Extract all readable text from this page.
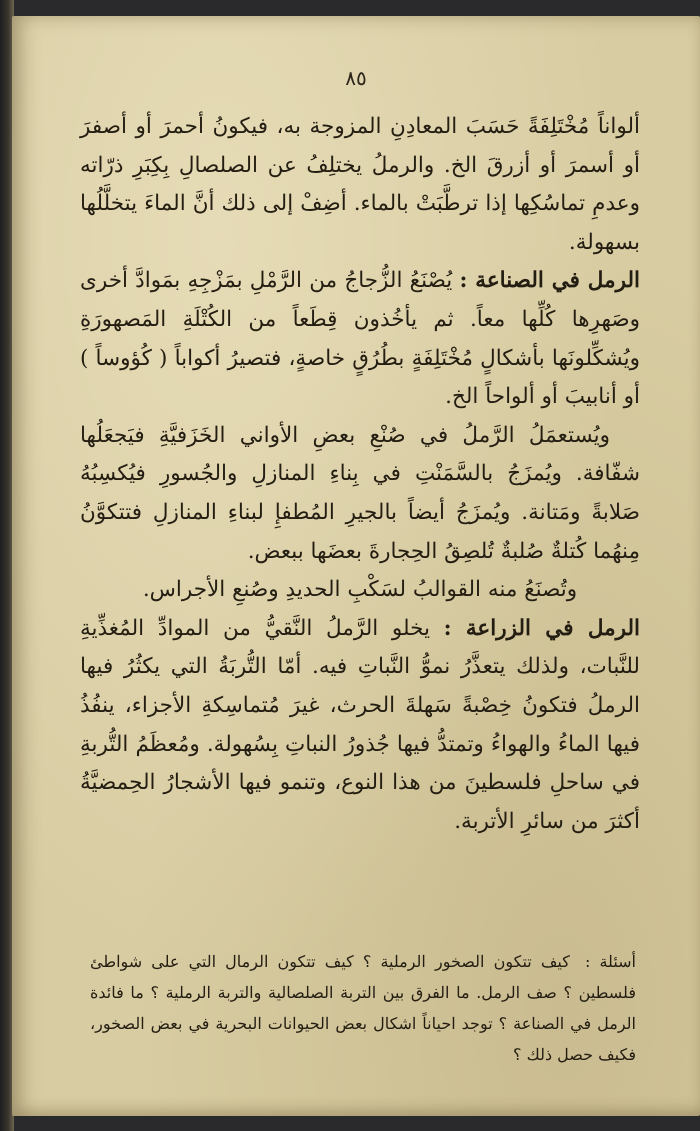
٨٥

ألواناً مُخْتَلِفَةً حَسَبَ المعادِنِ المزوجة به، فيكونُ أحمرَ أو أصفرَ أو أسمرَ أو أزرقَ الخ. والرملُ يختلِفُ عن الصلصالِ بِكِبَرِ ذرّاته وعدمِ تماسُكِها إذا ترطَّبَتْ بالماء. أضِفْ إلى ذلك أنَّ الماءَ يتخلَّلُها بسهولة.

الرمل في الصناعة : يُصْنَعُ الزُّجاجُ من الرَّمْلِ بمَزْجِهِ بمَوادَّ أخرى وصَهرِها كُلِّها معاً. ثم يأخُذون قِطَعاً من الكُتْلَةِ المَصهورَةِ ويُشكِّلونَها بأشكالٍ مُخْتَلِفَةٍ بطُرُقٍ خاصةٍ، فتصيرُ أكواباً ( كُؤوساً ) أو أنابيبَ أو ألواحاً الخ.

ويُستعمَلُ الرَّملُ في صُنْعِ بعضِ الأواني الخَزَفيَّةِ فيَجعَلُها شفّافة. ويُمزَجُ بالسَّمَنْتِ في بِناءِ المنازلِ والجُسورِ فيُكسِبُهُ صَلابةً ومَتانة. ويُمزَجُ أيضاً بالجيرِ المُطفإِ لبناءِ المنازلِ فتتكوَّنُ مِنهُما كُتلةٌ صُلبةٌ تُلصِقُ الحِجارةَ بعضَها ببعض.

وتُصنَعُ منه القوالبُ لسَكْبِ الحديدِ وصُنعِ الأجراس.

الرمل في الزراعة : يخلو الرَّملُ النَّقيُّ من الموادِّ المُغذِّيةِ للنَّبات، ولذلك يتعذَّرُ نموُّ النَّباتِ فيه. أمّا التُّربَةُ التي يكثُرُ فيها الرملُ فتكونُ خِصْبةً سَهلةَ الحرث، غيرَ مُتماسِكةِ الأجزاء، ينفُذُ فيها الماءُ والهواءُ وتمتدُّ فيها جُذورُ النباتِ بِسُهولة. ومُعظَمُ التُّربةِ في ساحلِ فلسطينَ من هذا النوع، وتنمو فيها الأشجارُ الحِمضيَّةُ أكثرَ من سائرِ الأتربة.

أسئلة : كيف تتكون الصخور الرملية ؟ كيف تتكون الرمال التي على شواطئ فلسطين ؟ صف الرمل. ما الفرق بين التربة الصلصالية والتربة الرملية ؟ ما فائدة الرمل في الصناعة ؟ توجد احياناً اشكال بعض الحيوانات البحرية في بعض الصخور، فكيف حصل ذلك ؟
